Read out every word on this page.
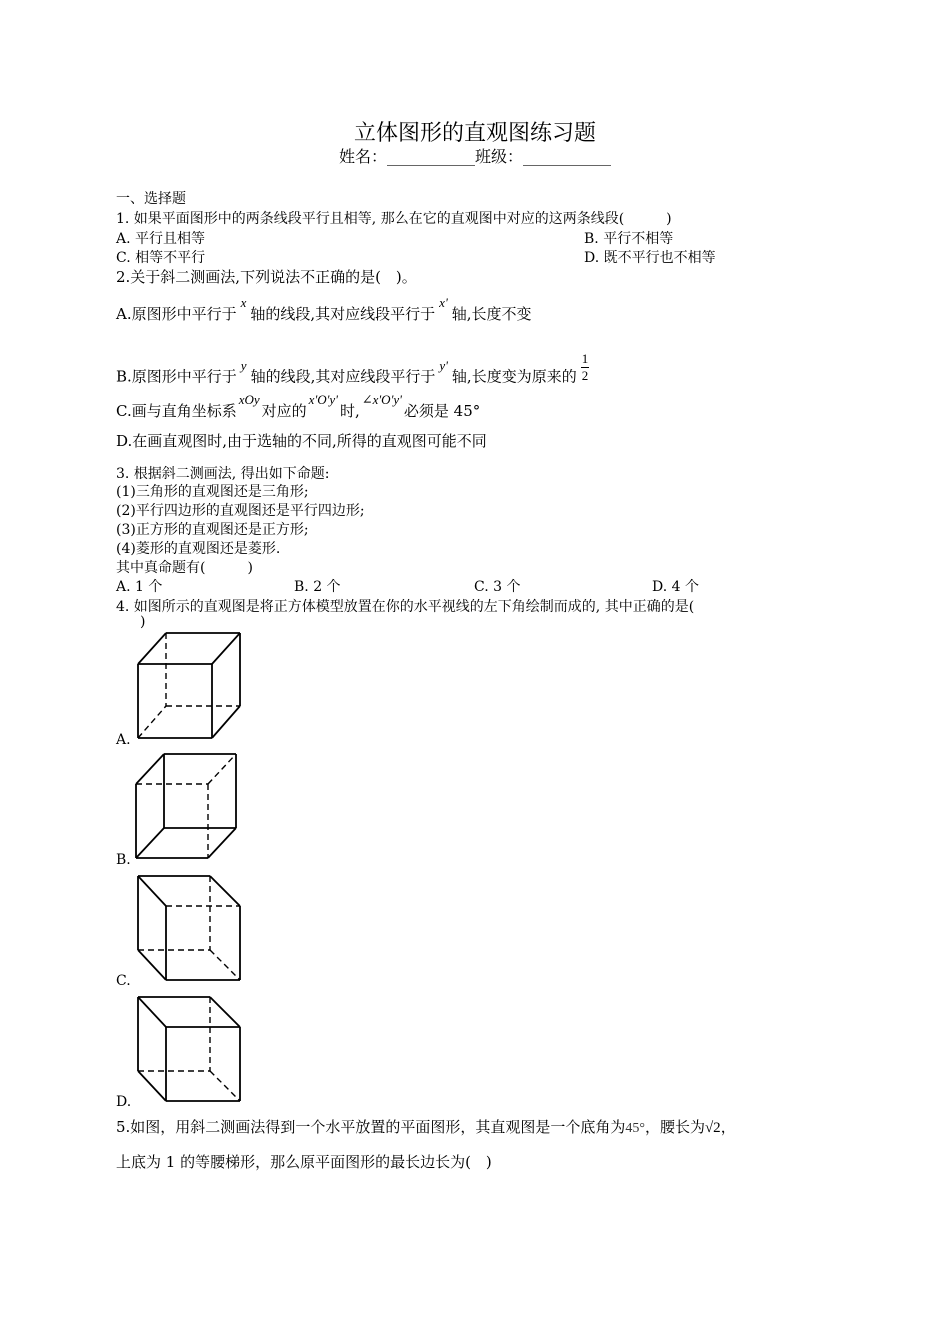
立体图形的直观图练习题
姓名：___________班级：___________
一、选择题
1. 如果平面图形中的两条线段平行且相等, 那么在它的直观图中对应的这两条线段(　　　)
A. 平行且相等	B. 平行不相等
C. 相等不平行	D. 既不平行也不相等
2.关于斜二测画法,下列说法不正确的是(　)。
A.原图形中平行于x轴的线段,其对应线段平行于x'轴,长度不变
B.原图形中平行于y轴的线段,其对应线段平行于y'轴,长度变为原来的 $\frac{1}{2}$
C.画与直角坐标系xOy对应的x'O'y'时,∠x'O'y'必须是 45°
D.在画直观图时,由于选轴的不同,所得的直观图可能不同
3. 根据斜二测画法, 得出如下命题:
(1)三角形的直观图还是三角形;
(2)平行四边形的直观图还是平行四边形;
(3)正方形的直观图还是正方形;
(4)菱形的直观图还是菱形.
其中真命题有(　　　)
A. 1 个	B. 2 个	C. 3 个	D. 4 个
4. 如图所示的直观图是将正方体模型放置在你的水平视线的左下角绘制而成的, 其中正确的是(
)
A.
B.
C.
D.
5.如图，用斜二测画法得到一个水平放置的平面图形，其直观图是一个底角为45°，腰长为√2，
上底为 1 的等腰梯形，那么原平面图形的最长边长为(　)
